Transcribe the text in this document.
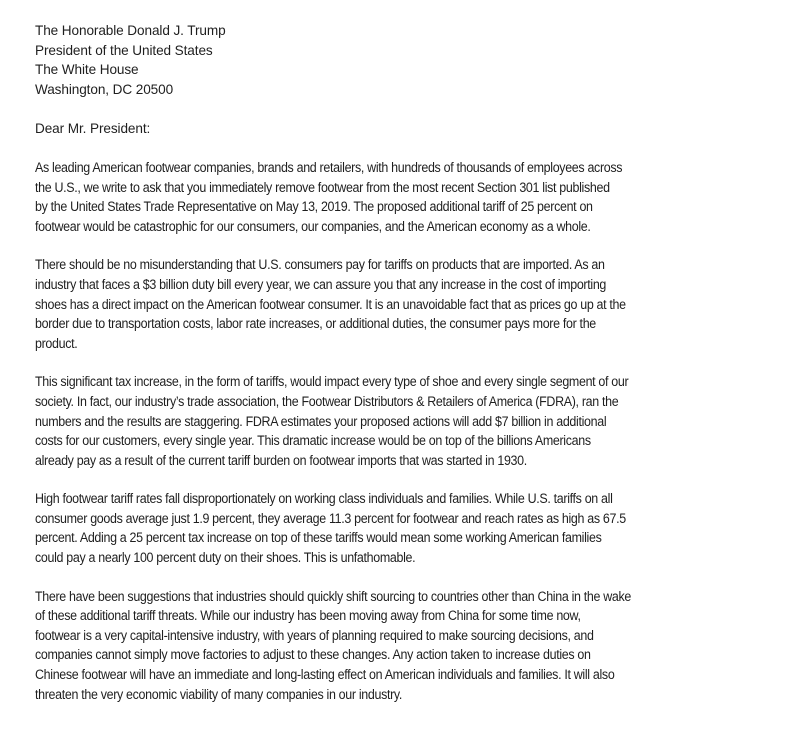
The Honorable Donald J. Trump
President of the United States
The White House
Washington, DC 20500
Dear Mr. President:
As leading American footwear companies, brands and retailers, with hundreds of thousands of employees across
the U.S., we write to ask that you immediately remove footwear from the most recent Section 301 list published
by the United States Trade Representative on May 13, 2019. The proposed additional tariff of 25 percent on
footwear would be catastrophic for our consumers, our companies, and the American economy as a whole.
There should be no misunderstanding that U.S. consumers pay for tariffs on products that are imported. As an
industry that faces a $3 billion duty bill every year, we can assure you that any increase in the cost of importing
shoes has a direct impact on the American footwear consumer. It is an unavoidable fact that as prices go up at the
border due to transportation costs, labor rate increases, or additional duties, the consumer pays more for the
product.
This significant tax increase, in the form of tariffs, would impact every type of shoe and every single segment of our
society. In fact, our industry’s trade association, the Footwear Distributors & Retailers of America (FDRA), ran the
numbers and the results are staggering. FDRA estimates your proposed actions will add $7 billion in additional
costs for our customers, every single year. This dramatic increase would be on top of the billions Americans
already pay as a result of the current tariff burden on footwear imports that was started in 1930.
High footwear tariff rates fall disproportionately on working class individuals and families. While U.S. tariffs on all
consumer goods average just 1.9 percent, they average 11.3 percent for footwear and reach rates as high as 67.5
percent. Adding a 25 percent tax increase on top of these tariffs would mean some working American families
could pay a nearly 100 percent duty on their shoes. This is unfathomable.
There have been suggestions that industries should quickly shift sourcing to countries other than China in the wake
of these additional tariff threats. While our industry has been moving away from China for some time now,
footwear is a very capital-intensive industry, with years of planning required to make sourcing decisions, and
companies cannot simply move factories to adjust to these changes. Any action taken to increase duties on
Chinese footwear will have an immediate and long-lasting effect on American individuals and families. It will also
threaten the very economic viability of many companies in our industry.
